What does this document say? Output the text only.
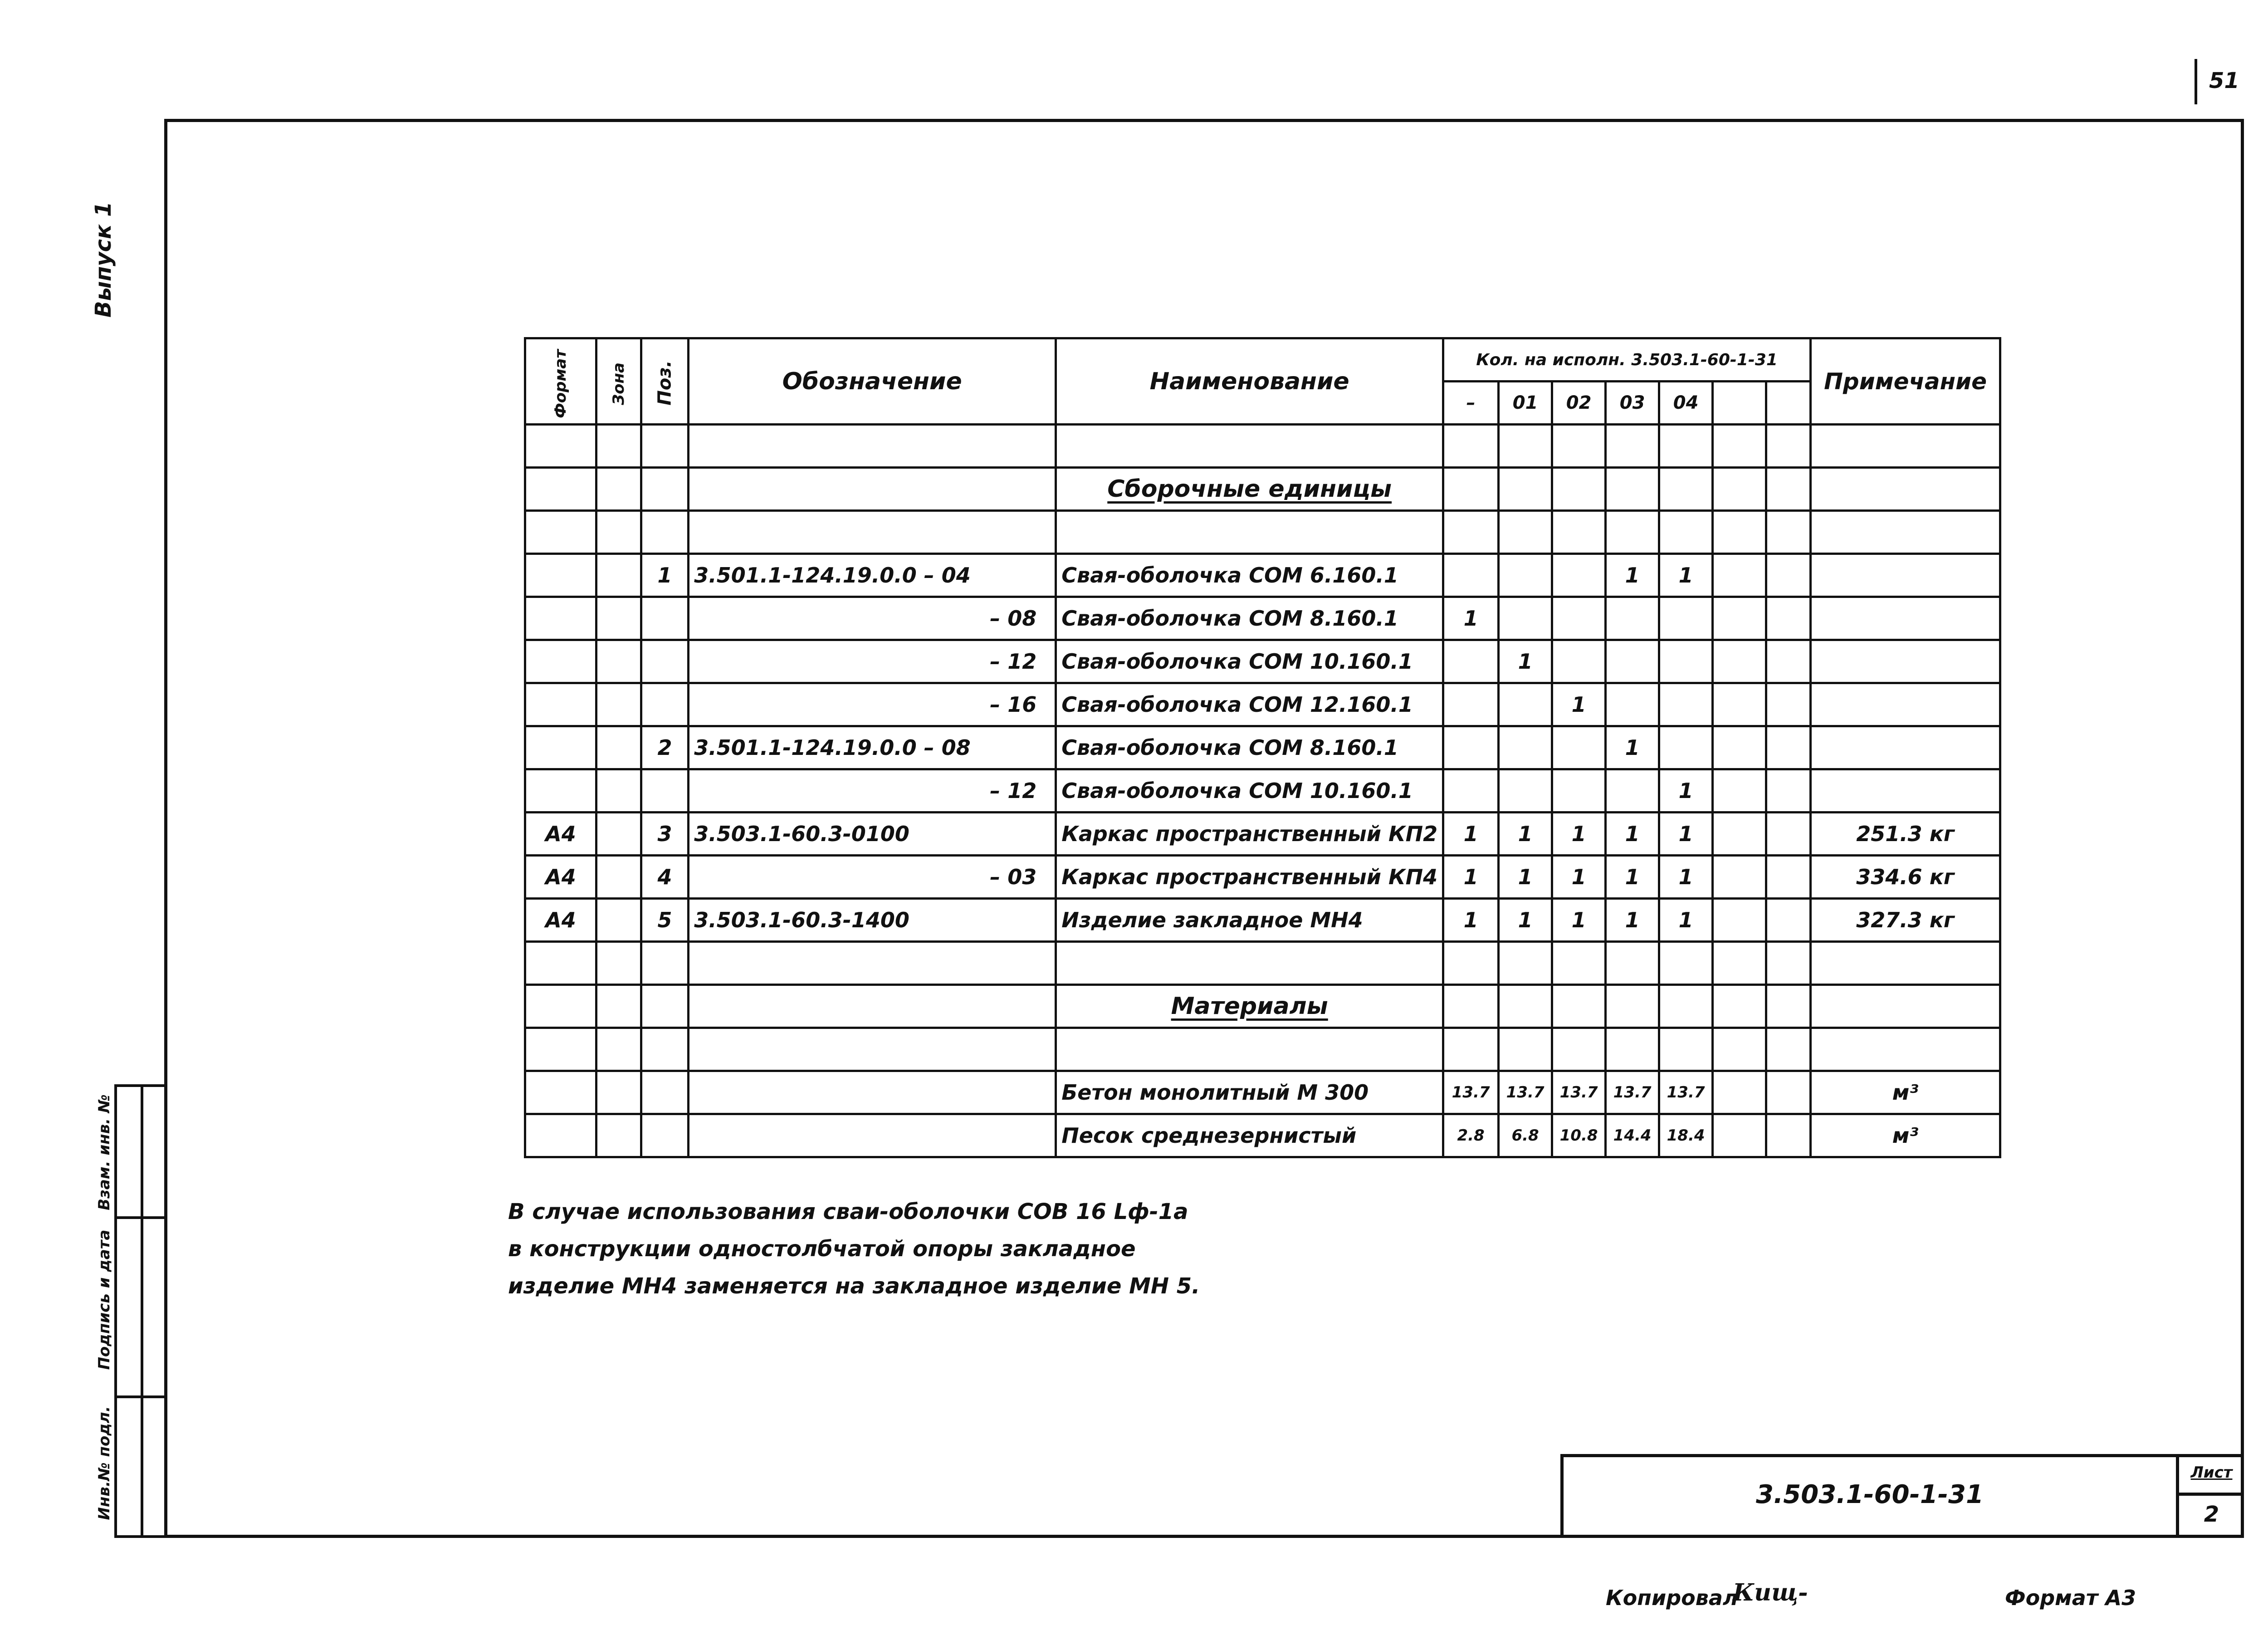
51
Выпуск 1
Инв.№ подл.
Подпись и дата
Взам. инв. №
Формат	Зона	Поз.	Обозначение	Наименование	Кол. на исполн. 3.503.1-60-1-31							Примечание
					–	01	02	03	04			

				Сборочные единицы								

		1	3.501.1-124.19.0.0 – 04	Свая-оболочка СОМ 6.160.1				1	1			
			– 08	Свая-оболочка СОМ 8.160.1	1							
			– 12	Свая-оболочка СОМ 10.160.1		1						
			– 16	Свая-оболочка СОМ 12.160.1			1					
		2	3.501.1-124.19.0.0 – 08	Свая-оболочка СОМ 8.160.1				1				
			– 12	Свая-оболочка СОМ 10.160.1					1			
А4		3	3.503.1-60.3-0100	Каркас пространственный КП2	1	1	1	1	1			251.3 кг
А4		4	– 03	Каркас пространственный КП4	1	1	1	1	1			334.6 кг
А4		5	3.503.1-60.3-1400	Изделие закладное МН4	1	1	1	1	1			327.3 кг

				Материалы								

				Бетон монолитный М 300	13.7	13.7	13.7	13.7	13.7			м³
				Песок среднезернистый	2.8	6.8	10.8	14.4	18.4			м³
В случае использования сваи-оболочки СОВ 16 Lф-1а
в конструкции одностолбчатой опоры закладное
изделие МН4 заменяется на закладное изделие МН 5.
3.503.1-60-1-31
Лист
2
Копировал
Кищ-	Формат А3
